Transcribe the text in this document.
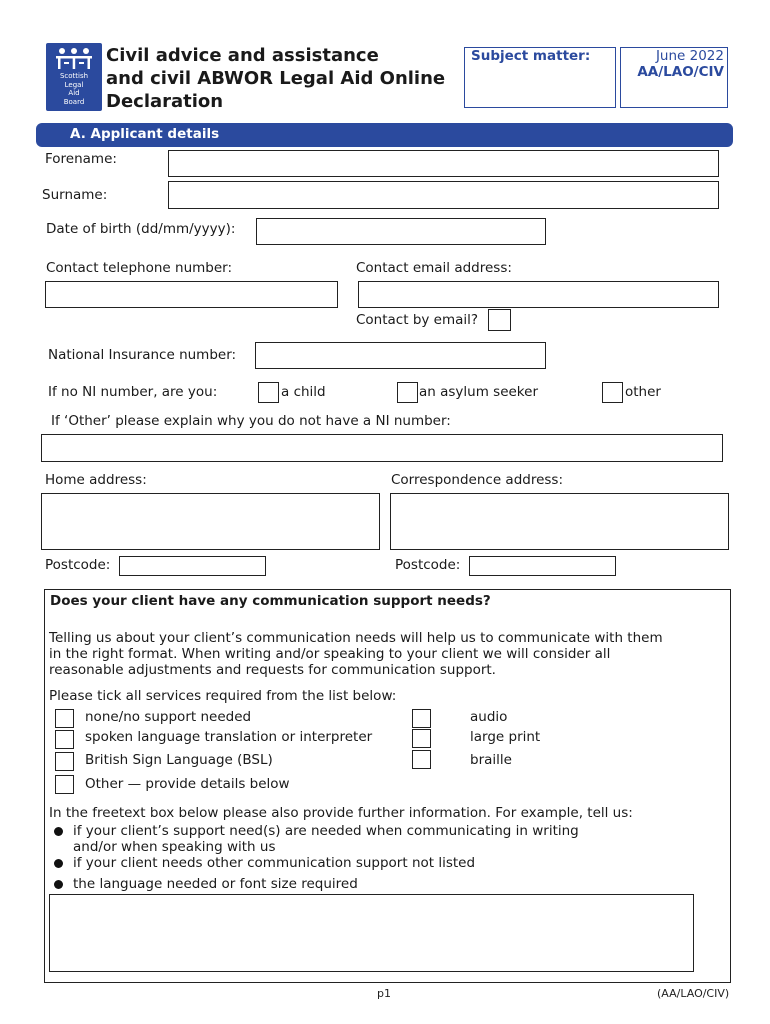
Scottish
Legal
Aid
Board
Civil advice and assistance
and civil ABWOR Legal Aid Online
Declaration
Subject matter:	June 2022
AA/LAO/CIV
A. Applicant details
Forename:
Surname:
Date of birth (dd/mm/yyyy):
Contact telephone number:	Contact email address:
Contact by email?
National Insurance number:
If no NI number, are you:	a child	an asylum seeker	other
If ‘Other’ please explain why you do not have a NI number:
Home address:	Correspondence address:
Postcode:	Postcode:
Does your client have any communication support needs?
Telling us about your client’s communication needs will help us to communicate with them
in the right format. When writing and/or speaking to your client we will consider all
reasonable adjustments and requests for communication support.
Please tick all services required from the list below:
none/no support needed
spoken language translation or interpreter
British Sign Language (BSL)
Other — provide details below
audio
large print
braille
In the freetext box below please also provide further information. For example, tell us:
if your client’s support need(s) are needed when communicating in writing
and/or when speaking with us
if your client needs other communication support not listed
the language needed or font size required
p1	(AA/LAO/CIV)
